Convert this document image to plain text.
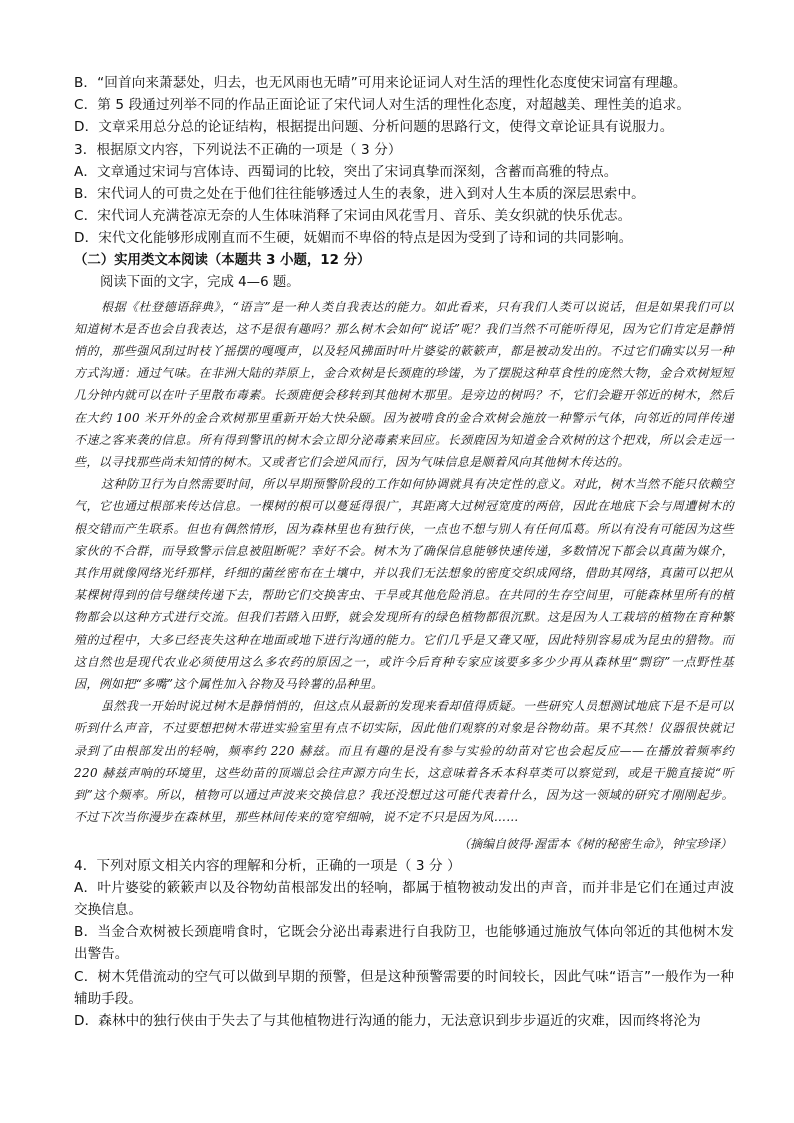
B．“回首向来萧瑟处，归去，也无风雨也无晴”可用来论证词人对生活的理性化态度使宋词富有理趣。

C．第 5 段通过列举不同的作品正面论证了宋代词人对生活的理性化态度，对超越美、理性美的追求。

D．文章采用总分总的论证结构，根据提出问题、分析问题的思路行文，使得文章论证具有说服力。

3．根据原文内容，下列说法不正确的一项是（ 3 分）

A．文章通过宋词与宫体诗、西蜀词的比较，突出了宋词真挚而深刻，含蓄而高雅的特点。

B．宋代词人的可贵之处在于他们往往能够透过人生的表象，进入到对人生本质的深层思索中。

C．宋代词人充满苍凉无奈的人生体味消释了宋词由风花雪月、音乐、美女织就的快乐优志。

D．宋代文化能够形成刚直而不生硬，妩媚而不卑俗的特点是因为受到了诗和词的共同影响。

（二）实用类文本阅读（本题共 3 小题，12 分）

阅读下面的文字，完成 4—6 题。

根据《杜登德语辞典》，“语言”是一种人类自我表达的能力。如此看来，只有我们人类可以说话，但是如果我们可以知道树木是否也会自我表达，这不是很有趣吗？那么树木会如何“说话”呢？我们当然不可能听得见，因为它们肯定是静悄悄的，那些强风刮过时枝丫摇摆的嘎嘎声，以及轻风拂面时叶片婆娑的簌簌声，都是被动发出的。不过它们确实以另一种方式沟通：通过气味。在非洲大陆的莽原上，金合欢树是长颈鹿的珍馐，为了摆脱这种草食性的庞然大物，金合欢树短短几分钟内就可以在叶子里散布毒素。长颈鹿便会移转到其他树木那里。是旁边的树吗？不，它们会避开邻近的树木，然后在大约 100 米开外的金合欢树那里重新开始大快朵颐。因为被啃食的金合欢树会施放一种警示气体，向邻近的同伴传递不速之客来袭的信息。所有得到警讯的树木会立即分泌毒素来回应。长颈鹿因为知道金合欢树的这个把戏，所以会走远一些，以寻找那些尚未知情的树木。又或者它们会逆风而行，因为气味信息是顺着风向其他树木传达的。

这种防卫行为自然需要时间，所以早期预警阶段的工作如何协调就具有决定性的意义。对此，树木当然不能只依赖空气，它也通过根部来传达信息。一棵树的根可以蔓延得很广，其距离大过树冠宽度的两倍，因此在地底下会与周遭树木的根交错而产生联系。但也有偶然情形，因为森林里也有独行侠，一点也不想与别人有任何瓜葛。所以有没有可能因为这些家伙的不合群，而导致警示信息被阻断呢？幸好不会。树木为了确保信息能够快速传递，多数情况下都会以真菌为媒介，其作用就像网络光纤那样，纤细的菌丝密布在土壤中，并以我们无法想象的密度交织成网络，借助其网络，真菌可以把从某棵树得到的信号继续传递下去，帮助它们交换害虫、干旱或其他危险消息。在共同的生存空间里，可能森林里所有的植物都会以这种方式进行交流。但我们若踏入田野，就会发现所有的绿色植物都很沉默。这是因为人工栽培的植物在育种繁殖的过程中，大多已经丧失这种在地面或地下进行沟通的能力。它们几乎是又聋又哑，因此特别容易成为昆虫的猎物。而这自然也是现代农业必须使用这么多农药的原因之一，或许今后育种专家应该要多多少少再从森林里“剽窃”一点野性基因，例如把“多嘴”这个属性加入谷物及马铃薯的品种里。

虽然我一开始时说过树木是静悄悄的，但这点从最新的发现来看却值得质疑。一些研究人员想测试地底下是不是可以听到什么声音，不过要想把树木带进实验室里有点不切实际，因此他们观察的对象是谷物幼苗。果不其然！仪器很快就记录到了由根部发出的轻响，频率约 220 赫兹。而且有趣的是没有参与实验的幼苗对它也会起反应——在播放着频率约 220 赫兹声响的环境里，这些幼苗的顶端总会往声源方向生长，这意味着各禾本科草类可以察觉到，或是干脆直接说“听到”这个频率。所以，植物可以通过声波来交换信息？我还没想过这可能代表着什么，因为这一领域的研究才刚刚起步。不过下次当你漫步在森林里，那些林间传来的宽窄细响，说不定不只是因为风……

（摘编自彼得·渥雷本《树的秘密生命》，钟宝珍译）

4．下列对原文相关内容的理解和分析，正确的一项是（ 3 分 ）

A．叶片婆娑的簌簌声以及谷物幼苗根部发出的轻响，都属于植物被动发出的声音，而并非是它们在通过声波交换信息。

B．当金合欢树被长颈鹿啃食时，它既会分泌出毒素进行自我防卫，也能够通过施放气体向邻近的其他树木发出警告。

C．树木凭借流动的空气可以做到早期的预警，但是这种预警需要的时间较长，因此气味“语言”一般作为一种辅助手段。

D．森林中的独行侠由于失去了与其他植物进行沟通的能力，无法意识到步步逼近的灾难，因而终将沦为
